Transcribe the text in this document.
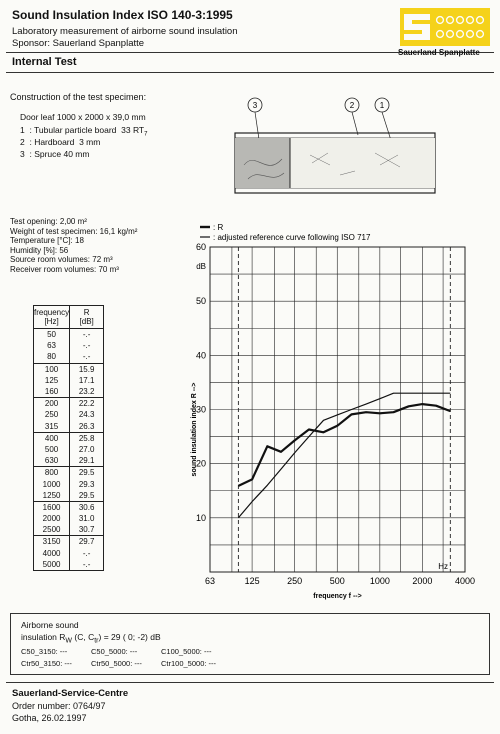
Sound Insulation Index ISO 140-3:1995
Laboratory measurement of airborne sound insulation
Sponsor: Sauerland Spanplatte
Internal Test
Sauerland Spanplatte
Construction of the test specimen:
Door leaf 1000 x 2000 x 39,0 mm
1 : Tubular particle board  33 $RT_7$
2 : Hardboard  3 mm
3 : Spruce 40 mm
3	2	1
Test opening: 2,00 m²
Weight of test specimen: 16,1 kg/m²
Temperature [°C]: 18
Humidity [%]: 56
Source room volumes: 72 m³
Receiver room volumes: 70 m³
frequency
[Hz]	R
[dB]
50	-.-
63	-.-
80	-.-
100	15.9
125	17.1
160	23.2
200	22.2
250	24.3
315	26.3
400	25.8
500	27.0
630	29.1
800	29.5
1000	29.3
1250	29.5
1600	30.6
2000	31.0
2500	30.7
3150	29.7
4000	-.-
5000	-.-
10
20
30
40
50
60
dB
63	125	250	500	1000	2000	4000
Hz
frequency f -->
sound insulation index R -->
: R
: adjusted reference curve following ISO 717
Airborne sound
insulation $R_W$ (C, $C_{tr}) = 29$ ( 0; -2) dB
C50_3150: ---	C50_5000: ---	C100_5000: ---
Ctr50_3150: ---	Ctr50_5000: ---	Ctr100_5000: ---
Sauerland-Service-Centre
Order number: 0764/97
Gotha, 26.02.1997
